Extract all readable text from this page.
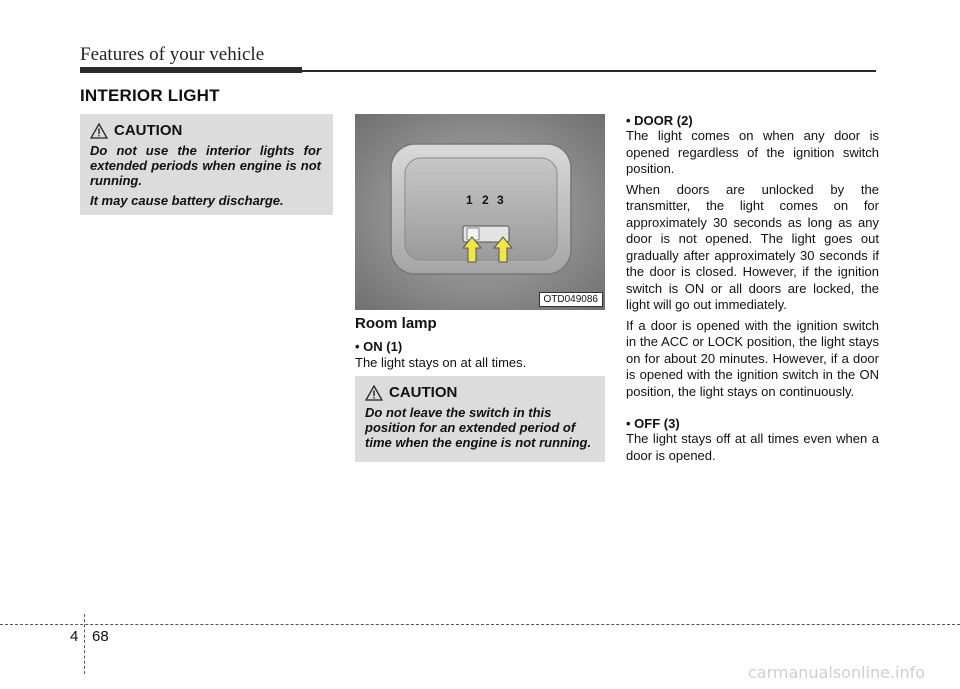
Features of your vehicle
INTERIOR LIGHT
CAUTION

Do not use the interior lights for extended periods when engine is not running.

It may cause battery discharge.	1 2 3
OTD049086
Room lamp
• ON (1)
The light stays on at all times.
CAUTION
Do not leave the switch in this position for an extended period of time when the engine is not running.
• DOOR (2)
The light comes on when any door is opened regardless of the ignition switch position.
When doors are unlocked by the transmitter, the light comes on for approximately 30 seconds as long as any door is not opened. The light goes out gradually after approximately 30 seconds if the door is closed. However, if the ignition switch is ON or all doors are locked, the light will go out immediately.
If a door is opened with the ignition switch in the ACC or LOCK position, the light stays on for about 20 minutes. However, if a door is opened with the ignition switch in the ON position, the light stays on continuously.
• OFF (3)
The light stays off at all times even when a door is opened.
4 68
carmanualsonline.info
